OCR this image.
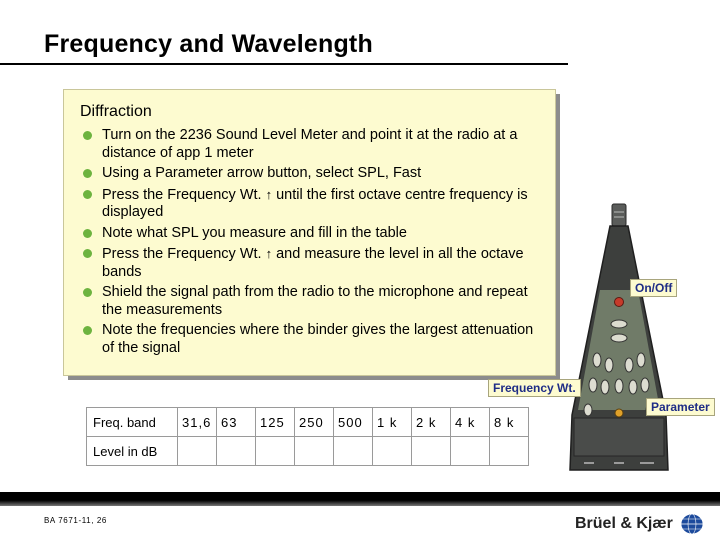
Frequency and Wavelength
Diffraction
Turn on the 2236 Sound Level Meter and point it at the radio at a distance of app 1 meter
Using a Parameter arrow button, select SPL, Fast
Press the Frequency Wt. ↑ until the first octave centre frequency is displayed
Note what SPL you measure and fill in the table
Press the Frequency Wt. ↑ and measure the level in all the octave bands
Shield the signal path from the radio to the microphone and repeat the measurements
Note the frequencies where the binder gives the largest attenuation of the signal
On/Off
Parameter
Frequency Wt.
Freq. band	31,6	63	125	250	500	1 k	2 k	4 k	8 k
Level in dB									
BA 7671-11, 26	Brüel & Kjær
